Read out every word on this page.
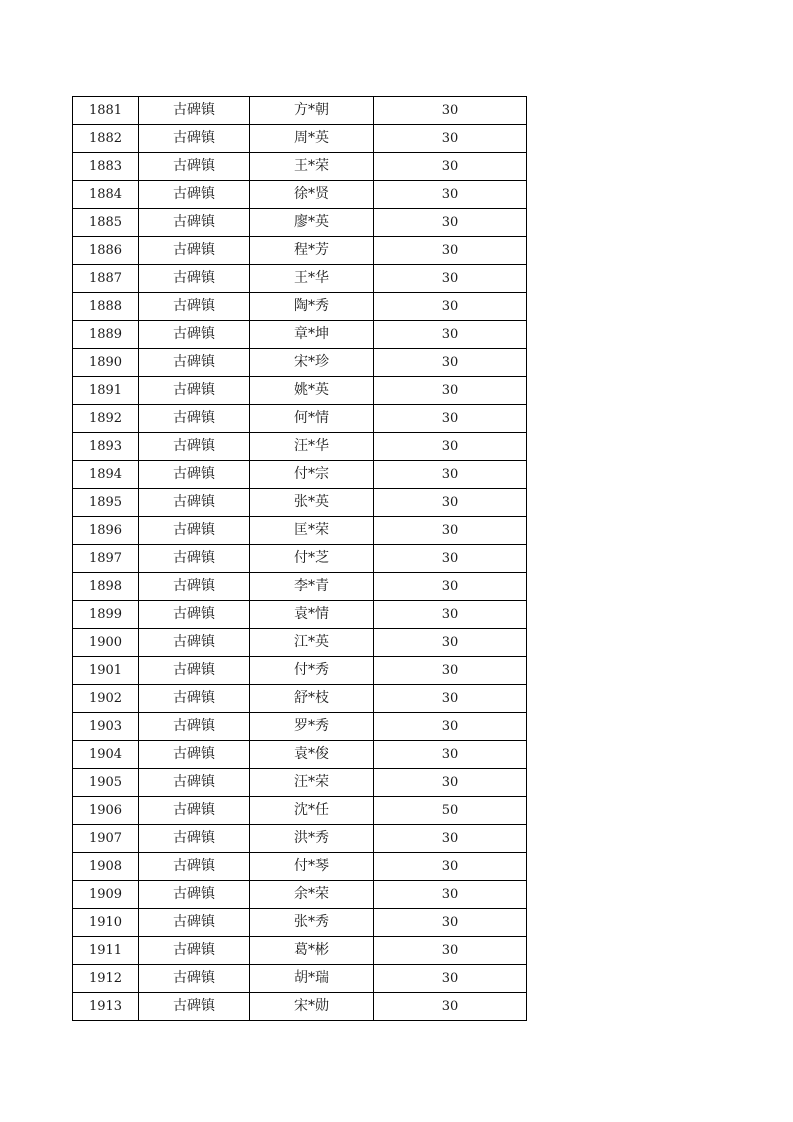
1881	古碑镇	方*朝	30
1882	古碑镇	周*英	30
1883	古碑镇	王*荣	30
1884	古碑镇	徐*贤	30
1885	古碑镇	廖*英	30
1886	古碑镇	程*芳	30
1887	古碑镇	王*华	30
1888	古碑镇	陶*秀	30
1889	古碑镇	章*坤	30
1890	古碑镇	宋*珍	30
1891	古碑镇	姚*英	30
1892	古碑镇	何*情	30
1893	古碑镇	汪*华	30
1894	古碑镇	付*宗	30
1895	古碑镇	张*英	30
1896	古碑镇	匡*荣	30
1897	古碑镇	付*芝	30
1898	古碑镇	李*青	30
1899	古碑镇	袁*情	30
1900	古碑镇	江*英	30
1901	古碑镇	付*秀	30
1902	古碑镇	舒*枝	30
1903	古碑镇	罗*秀	30
1904	古碑镇	袁*俊	30
1905	古碑镇	汪*荣	30
1906	古碑镇	沈*任	50
1907	古碑镇	洪*秀	30
1908	古碑镇	付*琴	30
1909	古碑镇	余*荣	30
1910	古碑镇	张*秀	30
1911	古碑镇	葛*彬	30
1912	古碑镇	胡*瑞	30
1913	古碑镇	宋*勋	30
